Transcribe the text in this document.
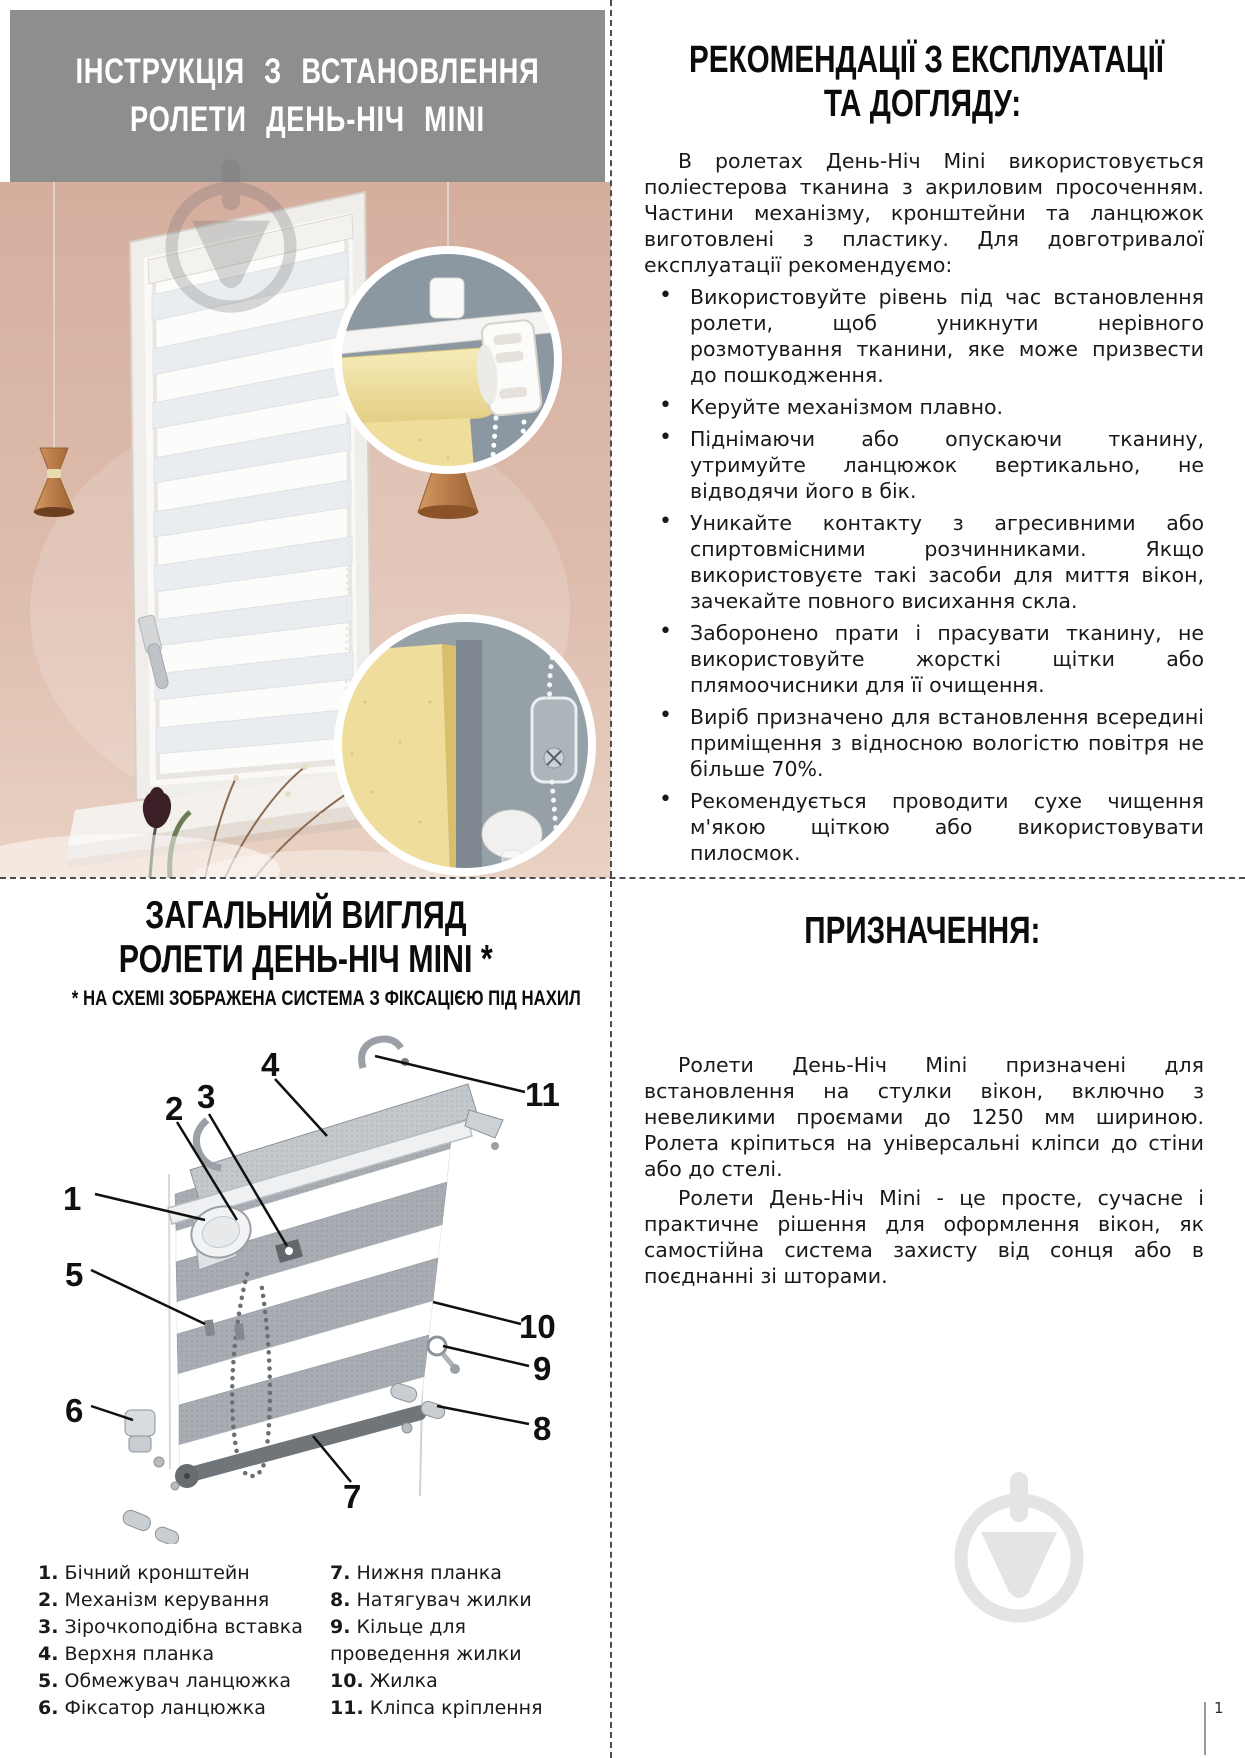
ІНСТРУКЦІЯ З ВСТАНОВЛЕННЯ
РОЛЕТИ ДЕНЬ-НІЧ MINI
РЕКОМЕНДАЦІЇ З ЕКСПЛУАТАЦІЇ
ТА ДОГЛЯДУ:

В ролетах День-Ніч Mini використовується поліестерова тканина з акриловим просоченням. Частини механізму, кронштейни та ланцюжок виготовлені з пластику. Для довготривалої експлуатації рекомендуємо:

• Використовуйте рівень під час встановлення ролети, щоб уникнути нерівного розмотування тканини, яке може призвести до пошкодження.
• Керуйте механізмом плавно.
• Піднімаючи або опускаючи тканину, утримуйте ланцюжок вертикально, не відводячи його в бік.
• Уникайте контакту з агресивними або спиртовмісними розчинниками. Якщо використовуєте такі засоби для миття вікон, зачекайте повного висихання скла.
• Заборонено прати і прасувати тканину, не використовуйте жорсткі щітки або плямоочисники для її очищення.
• Виріб призначено для встановлення всередині приміщення з відносною вологістю повітря не більше 70%.
• Рекомендується проводити сухе чищення м'якою щіткою або використовувати пилосмок.
ЗАГАЛЬНИЙ ВИГЛЯД
РОЛЕТИ ДЕНЬ-НІЧ MINI *
* НА СХЕМІ ЗОБРАЖЕНА СИСТЕМА З ФІКСАЦІЄЮ ПІД НАХИЛ
1
2 3
4
5
6
7
8
9
10
11
1. Бічний кронштейн
2. Механізм керування
3. Зірочкоподібна вставка
4. Верхня планка
5. Обмежувач ланцюжка
6. Фіксатор ланцюжка
7. Нижня планка
8. Натягувач жилки
9. Кільце для проведення жилки
10. Жилка
11. Кліпса кріплення
ПРИЗНАЧЕННЯ:

Ролети День-Ніч Mini призначені для встановлення на стулки вікон, включно з невеликими проємами до 1250 мм шириною. Ролета кріпиться на універсальні кліпси до стіни або до стелі.

Ролети День-Ніч Mini - це просте, сучасне і практичне рішення для оформлення вікон, як самостійна система захисту від сонця або в поєднанні зі шторами.

1
